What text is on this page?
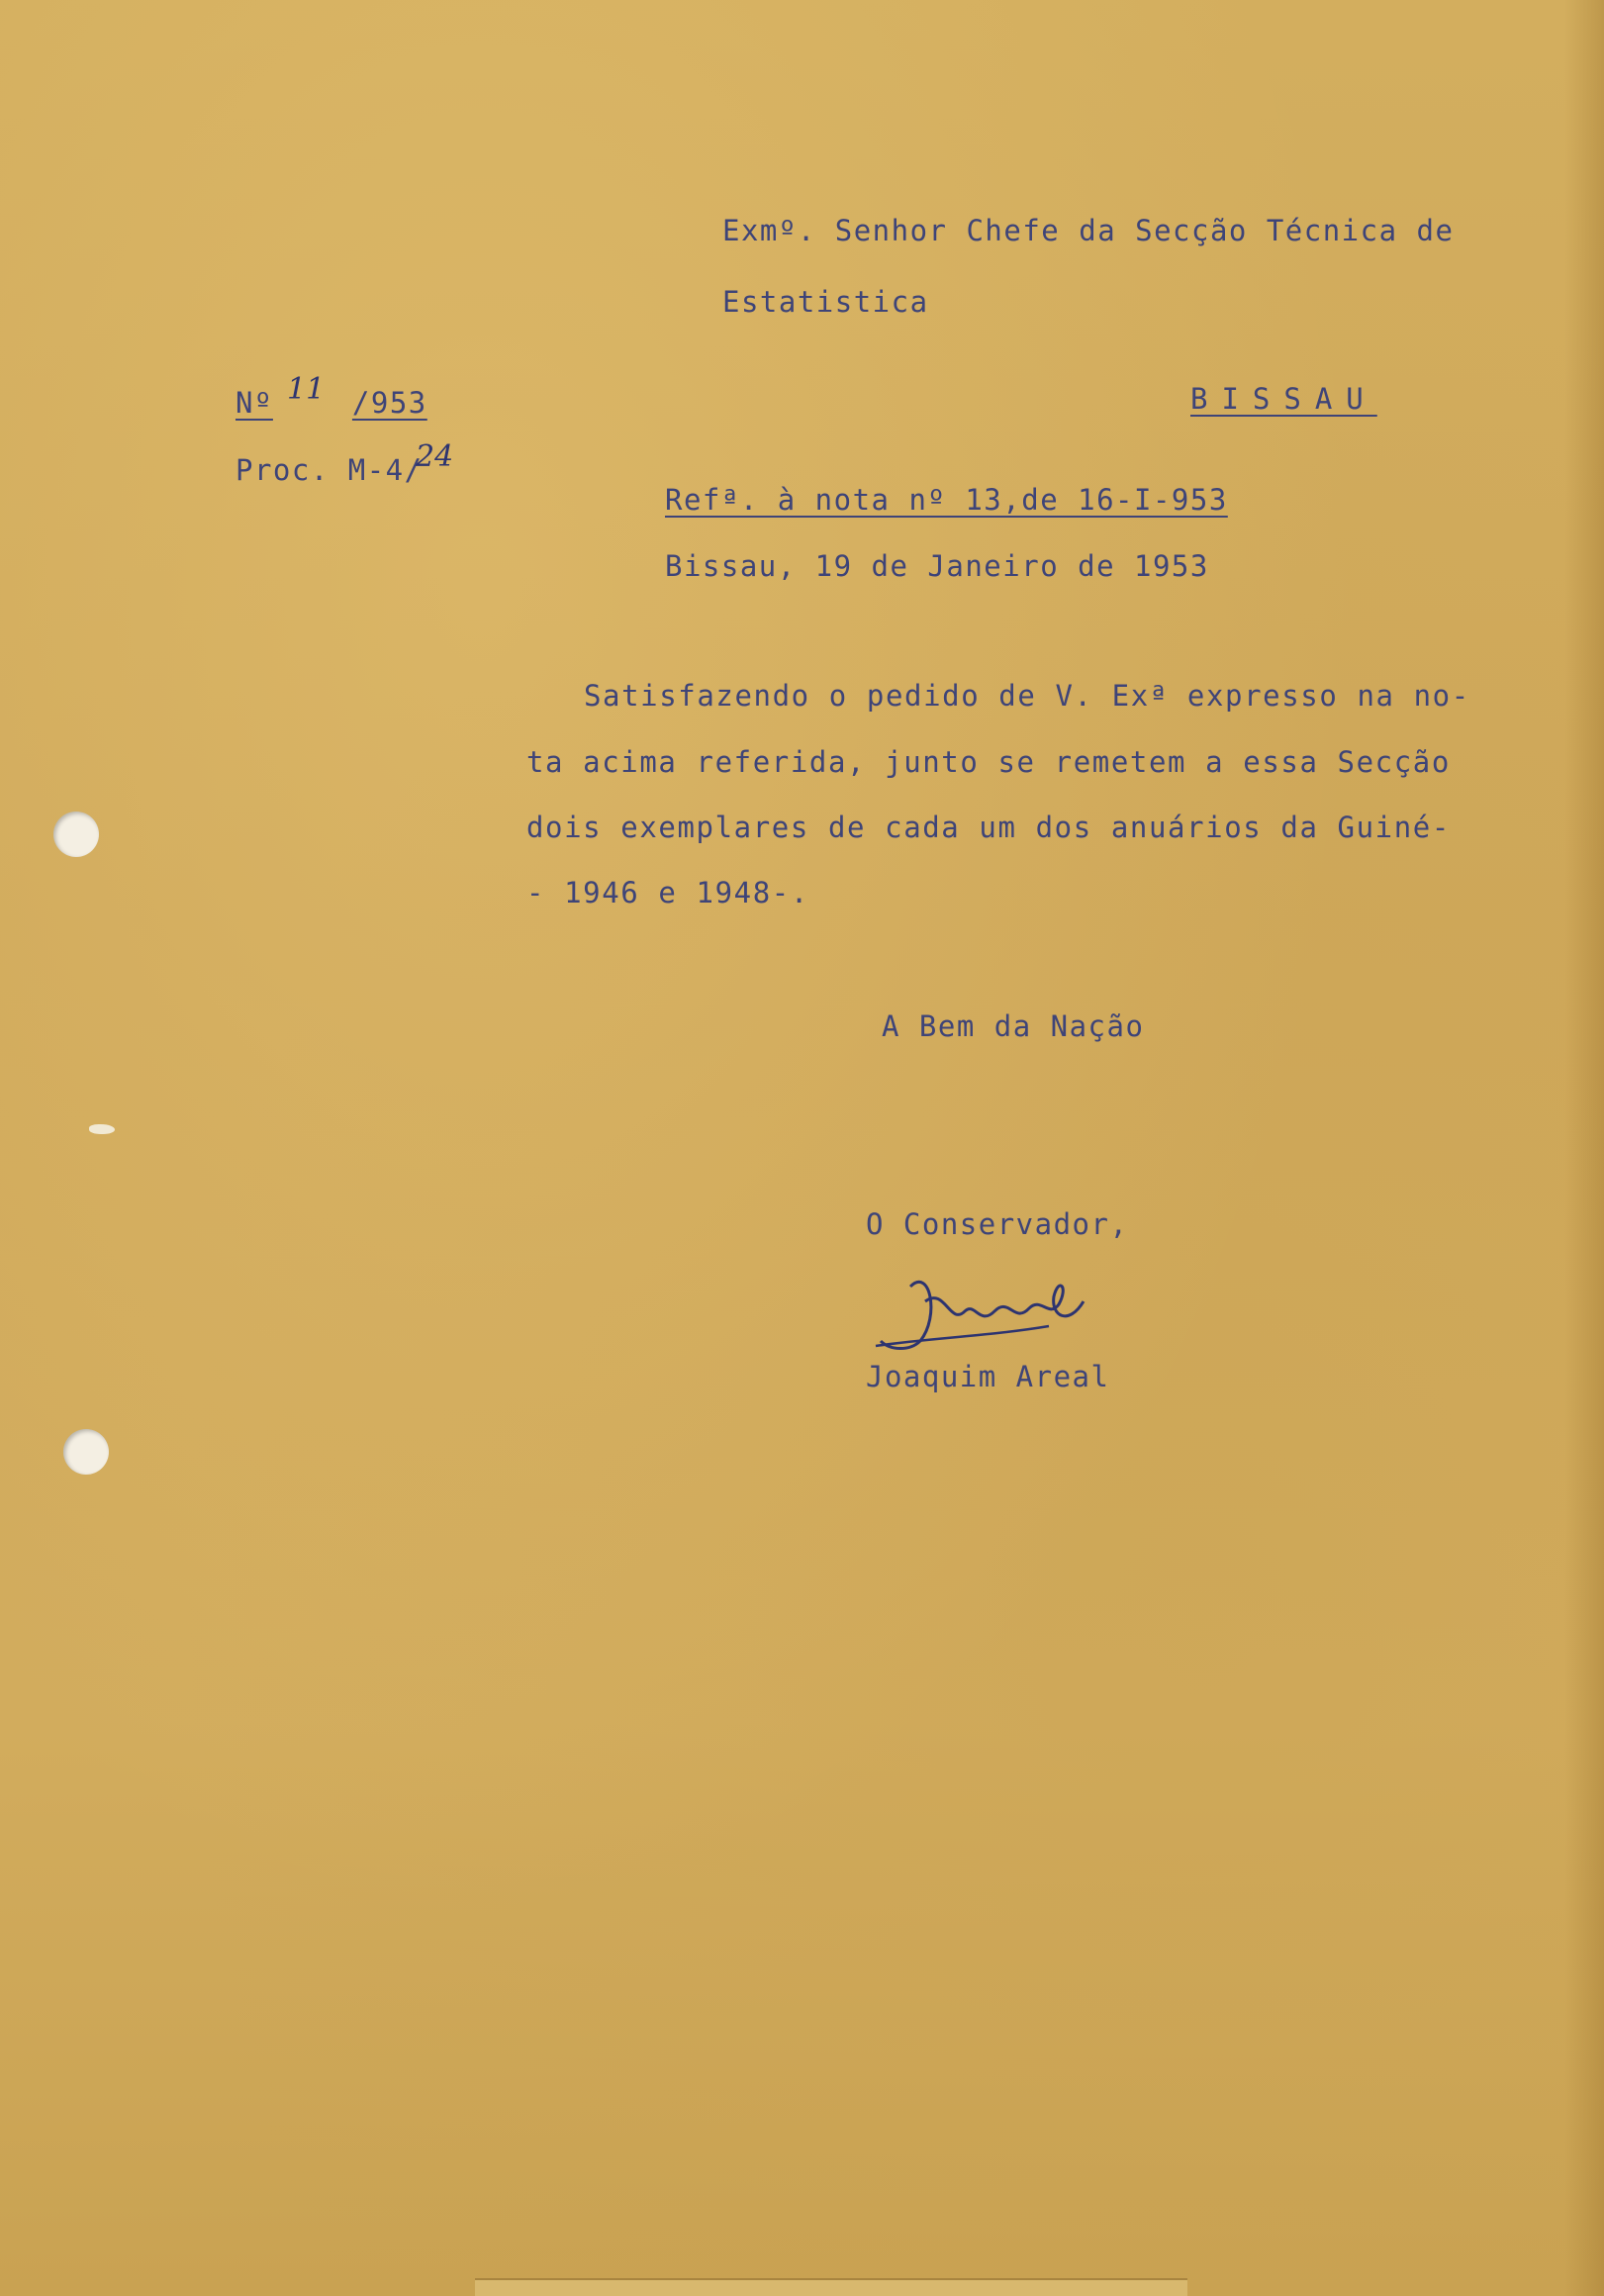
Exmº. Senhor Chefe da Secção Técnica de
Estatistica
BISSAU
Nº	/953
11
Proc. M-4/
24
Refª. à nota nº 13,de 16-I-953
Bissau, 19 de Janeiro de 1953
Satisfazendo o pedido de V. Exª expresso na no-
ta acima referida, junto se remetem a essa Secção
dois exemplares de cada um dos anuários da Guiné-
- 1946 e 1948-.
A Bem da Nação
O Conservador,
Joaquim Areal
